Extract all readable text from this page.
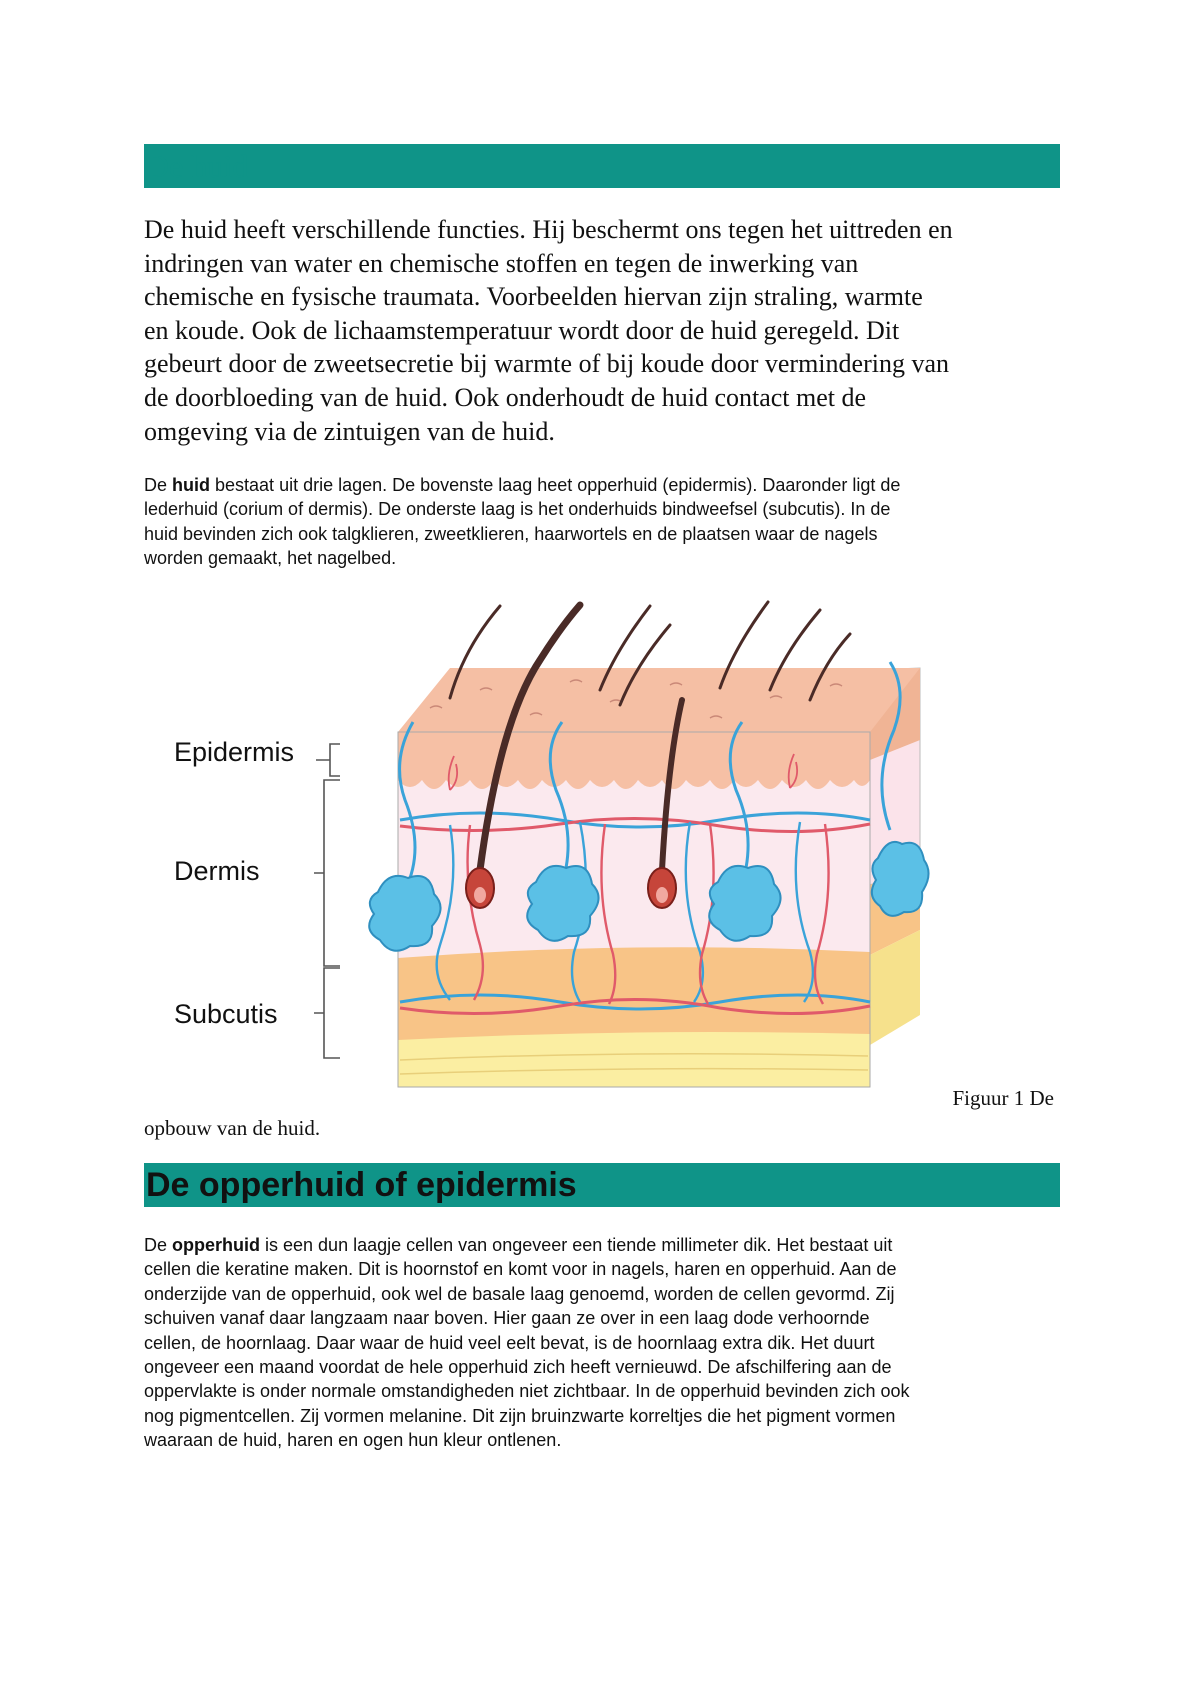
De huid
De huid heeft verschillende functies. Hij beschermt ons tegen het uittreden en
indringen van water en chemische stoffen en tegen de inwerking van
chemische en fysische traumata. Voorbeelden hiervan zijn straling, warmte
en koude. Ook de lichaamstemperatuur wordt door de huid geregeld. Dit
gebeurt door de zweetsecretie bij warmte of bij koude door vermindering van
de doorbloeding van de huid. Ook onderhoudt de huid contact met de
omgeving via de zintuigen van de huid.
De huid bestaat uit drie lagen. De bovenste laag heet opperhuid (epidermis). Daaronder ligt de
lederhuid (corium of dermis). De onderste laag is het onderhuids bindweefsel (subcutis). In de
huid bevinden zich ook talgklieren, zweetklieren, haarwortels en de plaatsen waar de nagels
worden gemaakt, het nagelbed.
Epidermis
Dermis
Subcutis
Figuur 1 De
opbouw van de huid.
De opperhuid of epidermis
De opperhuid is een dun laagje cellen van ongeveer een tiende millimeter dik. Het bestaat uit
cellen die keratine maken. Dit is hoornstof en komt voor in nagels, haren en opperhuid. Aan de
onderzijde van de opperhuid, ook wel de basale laag genoemd, worden de cellen gevormd. Zij
schuiven vanaf daar langzaam naar boven. Hier gaan ze over in een laag dode verhoornde
cellen, de hoornlaag. Daar waar de huid veel eelt bevat, is de hoornlaag extra dik. Het duurt
ongeveer een maand voordat de hele opperhuid zich heeft vernieuwd. De afschilfering aan de
oppervlakte is onder normale omstandigheden niet zichtbaar. In de opperhuid bevinden zich ook
nog pigmentcellen. Zij vormen melanine. Dit zijn bruinzwarte korreltjes die het pigment vormen
waaraan de huid, haren en ogen hun kleur ontlenen.
